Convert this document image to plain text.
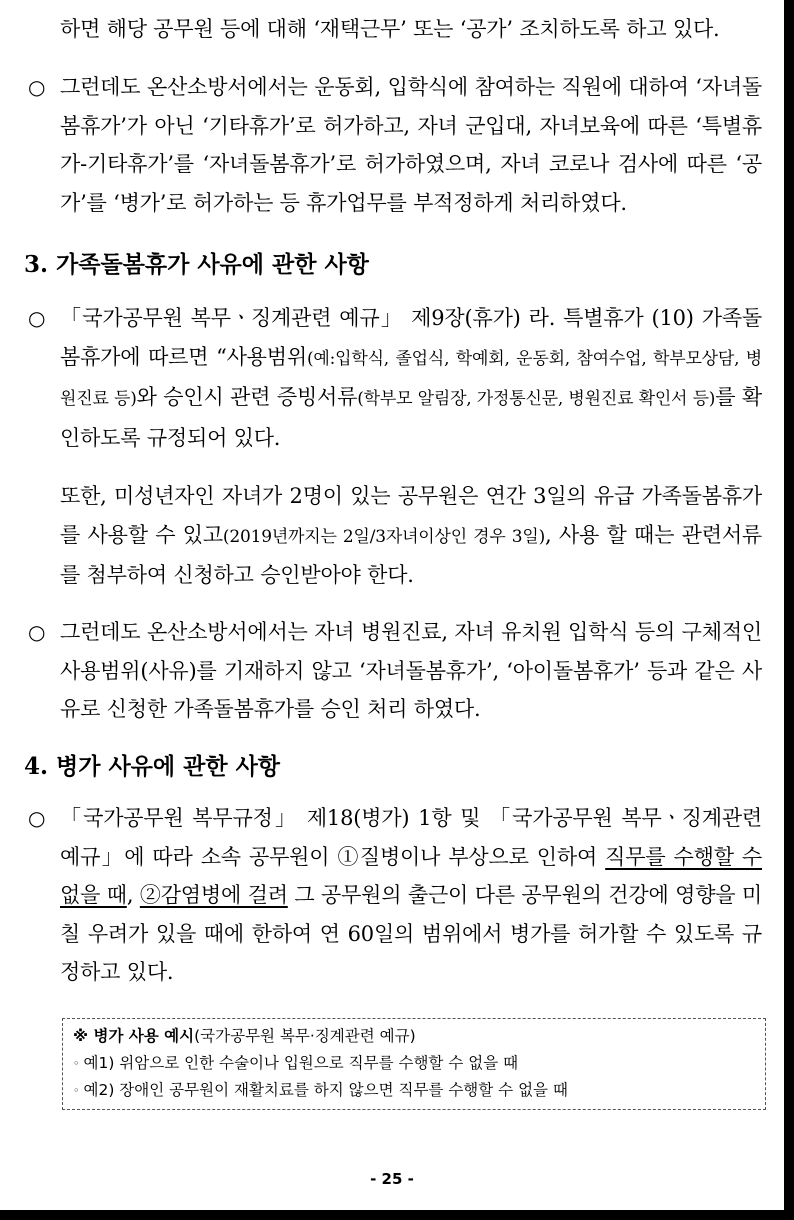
하면 해당 공무원 등에 대해 ‘재택근무’ 또는 ‘공가’ 조치하도록 하고 있다.

○ 그런데도 온산소방서에서는 운동회, 입학식에 참여하는 직원에 대하여 ‘자녀돌봄휴가’가 아닌 ‘기타휴가’로 허가하고, 자녀 군입대, 자녀보육에 따른 ‘특별휴가-기타휴가’를 ‘자녀돌봄휴가’로 허가하였으며, 자녀 코로나 검사에 따른 ‘공가’를 ‘병가’로 허가하는 등 휴가업무를 부적정하게 처리하였다.

3. 가족돌봄휴가 사유에 관한 사항
○ 「국가공무원 복무ㆍ징계관련 예규」 제9장(휴가) 라. 특별휴가 (10) 가족돌봄휴가에 따르면 “사용범위(예:입학식, 졸업식, 학예회, 운동회, 참여수업, 학부모상담, 병원진료 등)와 승인시 관련 증빙서류(학부모 알림장, 가정통신문, 병원진료 확인서 등)를 확인하도록 규정되어 있다.

또한, 미성년자인 자녀가 2명이 있는 공무원은 연간 3일의 유급 가족돌봄휴가를 사용할 수 있고(2019년까지는 2일/3자녀이상인 경우 3일), 사용 할 때는 관련서류를 첨부하여 신청하고 승인받아야 한다.

○ 그런데도 온산소방서에서는 자녀 병원진료, 자녀 유치원 입학식 등의 구체적인 사용범위(사유)를 기재하지 않고 ‘자녀돌봄휴가’, ‘아이돌봄휴가’ 등과 같은 사유로 신청한 가족돌봄휴가를 승인 처리 하였다.

4. 병가 사유에 관한 사항
○ 「국가공무원 복무규정」 제18(병가) 1항 및 「국가공무원 복무ㆍ징계관련 예규」에 따라 소속 공무원이 ①질병이나 부상으로 인하여 직무를 수행할 수 없을 때, ②감염병에 걸려 그 공무원의 출근이 다른 공무원의 건강에 영향을 미칠 우려가 있을 때에 한하여 연 60일의 범위에서 병가를 허가할 수 있도록 규정하고 있다.

※ 병가 사용 예시(국가공무원 복무·징계관련 예규)
◦ 예1) 위암으로 인한 수술이나 입원으로 직무를 수행할 수 없을 때
◦ 예2) 장애인 공무원이 재활치료를 하지 않으면 직무를 수행할 수 없을 때
- 25 -
